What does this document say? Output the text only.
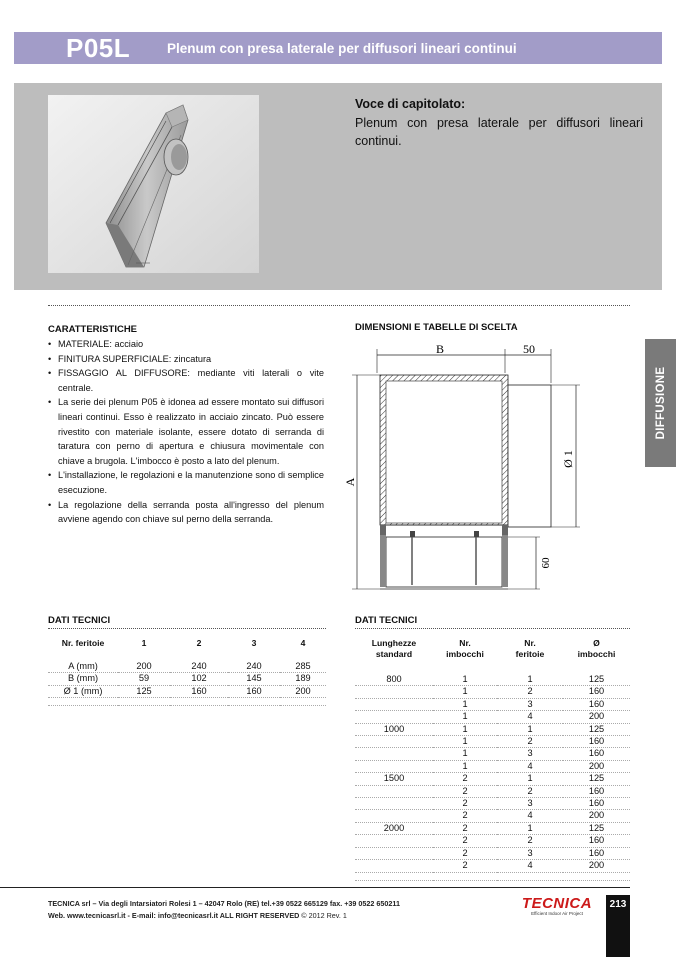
P05L	Plenum con presa laterale per diffusori lineari continui
Voce di capitolato:
Plenum con presa laterale per diffusori lineari continui.
CARATTERISTICHE
• MATERIALE: acciaio
• FINITURA SUPERFICIALE: zincatura
• FISSAGGIO AL DIFFUSORE: mediante viti laterali o vite centrale.
• La serie dei plenum P05 è idonea ad essere montato sui diffusori lineari continui. Esso è realizzato in acciaio zincato. Può essere rivestito con materiale isolante, essere dotato di serranda di taratura con perno di apertura e chiusura movimentale con chiave a brugola. L'imbocco è posto a lato del plenum.
• L'installazione, le regolazioni e la manutenzione sono di semplice esecuzione.
• La regolazione della serranda posta all'ingresso del plenum avviene agendo con chiave sul perno della serranda.
DIMENSIONI E TABELLE DI SCELTA
B	50
A
Ø 1
60
DATI TECNICI
Nr. feritoie	1	2	3	4
A (mm)	200	240	240	285
B (mm)	59	102	145	189
Ø 1 (mm)	125	160	160	200

DATI TECNICI
Lunghezze standard	Nr. imbocchi	Nr. feritoie	Ø imbocchi
800	1	1	125
	1	2	160
	1	3	160
	1	4	200
1000	1	1	125
	1	2	160
	1	3	160
	1	4	200
1500	2	1	125
	2	2	160
	2	3	160
	2	4	200
2000	2	1	125
	2	2	160
	2	3	160
	2	4	200

DIFFUSIONE
TECNICA srl – Via degli Intarsiatori Rolesi 1 – 42047 Rolo (RE) tel.+39 0522 665129 fax. +39 0522 650211
Web. www.tecnicasrl.it - E-mail: info@tecnicasrl.it ALL RIGHT RESERVED © 2012 Rev. 1
TECNICA
Efficient Indoor Air Project
213
